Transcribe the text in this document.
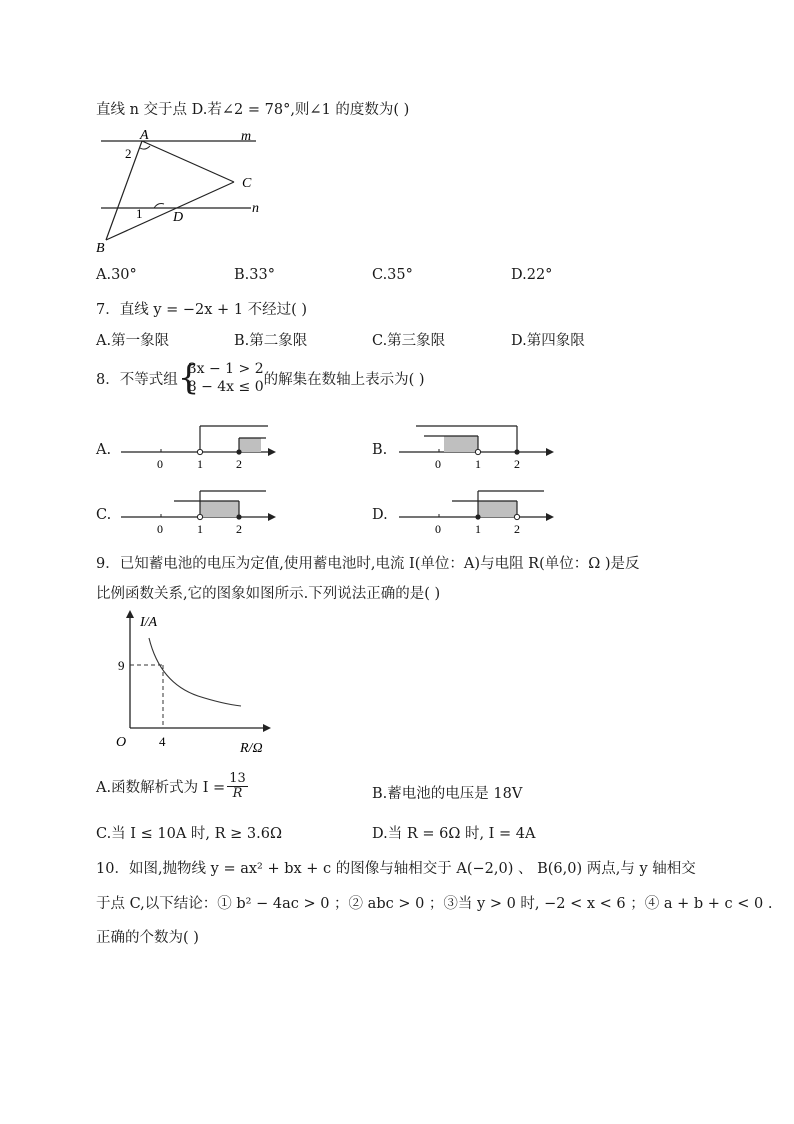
直线 n 交于点 D.若∠2 = 78°,则∠1 的度数为( )
A	m
2
C
n
1 D
B
A.30°	B.33°	C.35°	D.22°
7．直线 y = −2x + 1 不经过( )
A.第一象限	B.第二象限	C.第三象限	D.第四象限
8．不等式组 {
3x − 1 > 2
8 − 4x ≤ 0 的解集在数轴上表示为( )
A.
0	1	2
B.
0	1	2
C.
0	1	2
D.
0	1	2
9．已知蓄电池的电压为定值,使用蓄电池时,电流 I(单位：A)与电阻 R(单位：Ω )是反
比例函数关系,它的图象如图所示.下列说法正确的是( )
I/A
9
O	4	R/Ω
A.函数解析式为 $I = \frac{13}{R}$	B.蓄电池的电压是 18V
C.当 I ≤ 10A 时, R ≥ 3.6Ω	D.当 R = 6Ω 时, I = 4A
10．如图,抛物线 y = ax² + bx + c 的图像与轴相交于 A(−2,0) 、 B(6,0) 两点,与 y 轴相交
于点 C,以下结论：① b² − 4ac > 0 ；② abc > 0 ；③当 y > 0 时, −2 < x < 6 ；④ a + b + c < 0 .
正确的个数为( )
